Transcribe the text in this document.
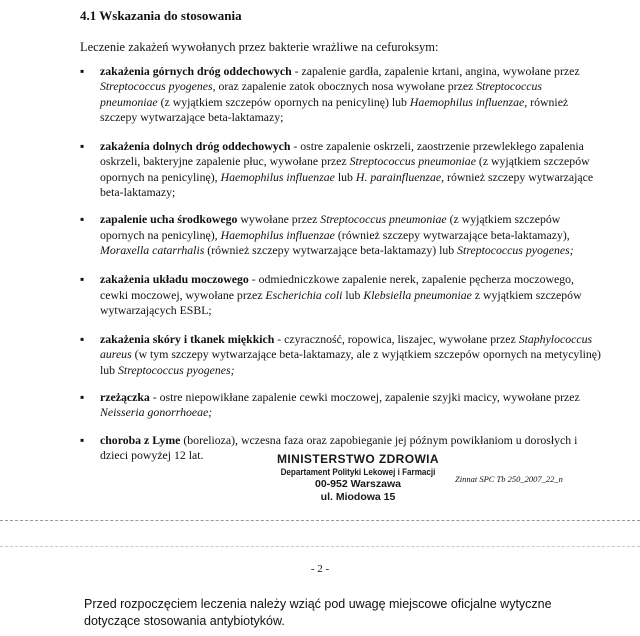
4.1 Wskazania do stosowania
Leczenie zakażeń wywołanych przez bakterie wrażliwe na cefuroksym:
▪ zakażenia górnych dróg oddechowych - zapalenie gardła, zapalenie krtani, angina, wywołane przez Streptococcus pyogenes, oraz zapalenie zatok obocznych nosa wywołane przez Streptococcus pneumoniae (z wyjątkiem szczepów opornych na penicylinę) lub Haemophilus influenzae, również szczepy wytwarzające beta-laktamazy;
▪ zakażenia dolnych dróg oddechowych - ostre zapalenie oskrzeli, zaostrzenie przewlekłego zapalenia oskrzeli, bakteryjne zapalenie płuc, wywołane przez Streptococcus pneumoniae (z wyjątkiem szczepów opornych na penicylinę), Haemophilus influenzae lub H. parainfluenzae, również szczepy wytwarzające beta-laktamazy;
▪ zapalenie ucha środkowego wywołane przez Streptococcus pneumoniae (z wyjątkiem szczepów opornych na penicylinę), Haemophilus influenzae (również szczepy wytwarzające beta-laktamazy), Moraxella catarrhalis (również szczepy wytwarzające beta-laktamazy) lub Streptococcus pyogenes;
▪ zakażenia układu moczowego - odmiedniczkowe zapalenie nerek, zapalenie pęcherza moczowego, cewki moczowej, wywołane przez Escherichia coli lub Klebsiella pneumoniae z wyjątkiem szczepów wytwarzających ESBL;
▪ zakażenia skóry i tkanek miękkich - czyraczność, ropowica, liszajec, wywołane przez Staphylococcus aureus (w tym szczepy wytwarzające beta-laktamazy, ale z wyjątkiem szczepów opornych na metycylinę) lub Streptococcus pyogenes;
▪ rzeżączka - ostre niepowikłane zapalenie cewki moczowej, zapalenie szyjki macicy, wywołane przez Neisseria gonorrhoeae;
▪ choroba z Lyme (borelioza), wczesna faza oraz zapobieganie jej późnym powikłaniom u dorosłych i dzieci powyżej 12 lat.	MINISTERSTWO ZDROWIA
Departament Polityki Lekowej i Farmacji
00-952 Warszawa
ul. Miodowa 15
Zinnat SPC Tb 250_2007_22_n
- 2 -
Przed rozpoczęciem leczenia należy wziąć pod uwagę miejscowe oficjalne wytyczne dotyczące stosowania antybiotyków.
